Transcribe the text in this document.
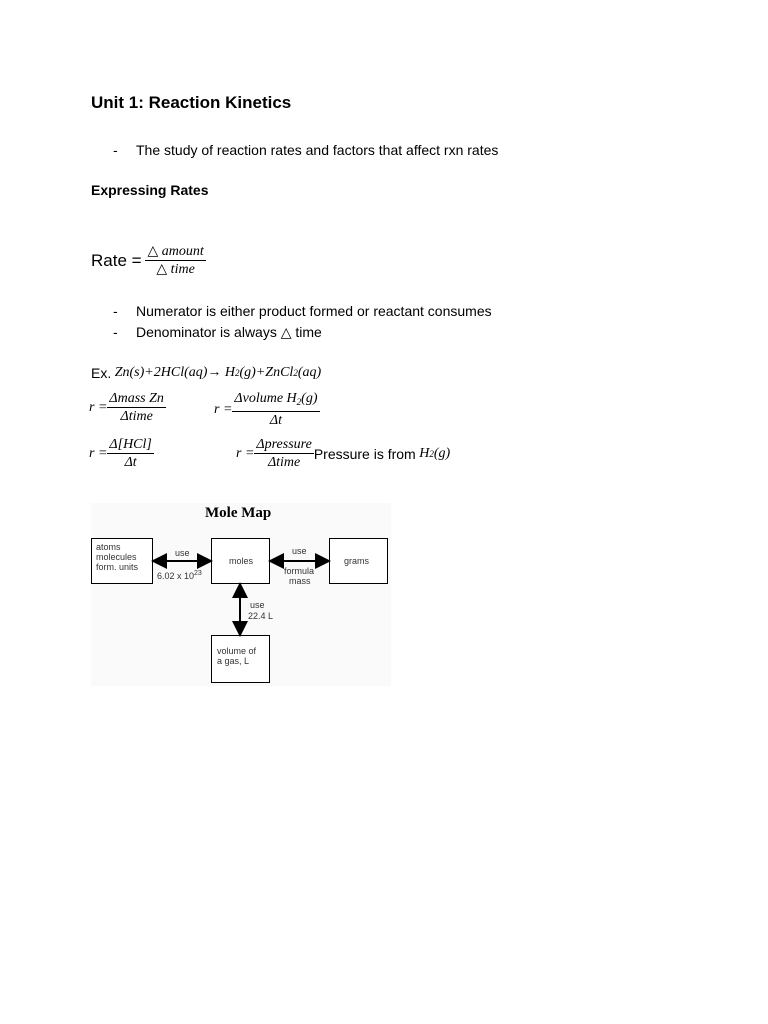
Unit 1: Reaction Kinetics
- The study of reaction rates and factors that affect rxn rates
Expressing Rates
Rate =
$\frac{\text{△ amount}}{\text{△ time}}$
- Numerator is either product formed or reactant consumes
- Denominator is always △ time
Ex.
Zn(s)+2HCl(aq)→ H 2 (g)+ZnCl 2 (aq)
$r = \frac{\text{Δmass Zn}}{\text{Δtime}}$	$r = \frac{\Delta volume H_2(g)}{\Delta t}$
$r = \frac{\text{Δ[HCl]}}{\Delta t}$	$r = \frac{\text{Δpressure}}{\text{Δtime}}$ Pressure is from
H 2 (g)
Mole Map
atoms
molecules
form. units
moles	grams
volume of
a gas, L
use
6.02 x $10^{23}$
use
formula
mass
use
22.4 L
